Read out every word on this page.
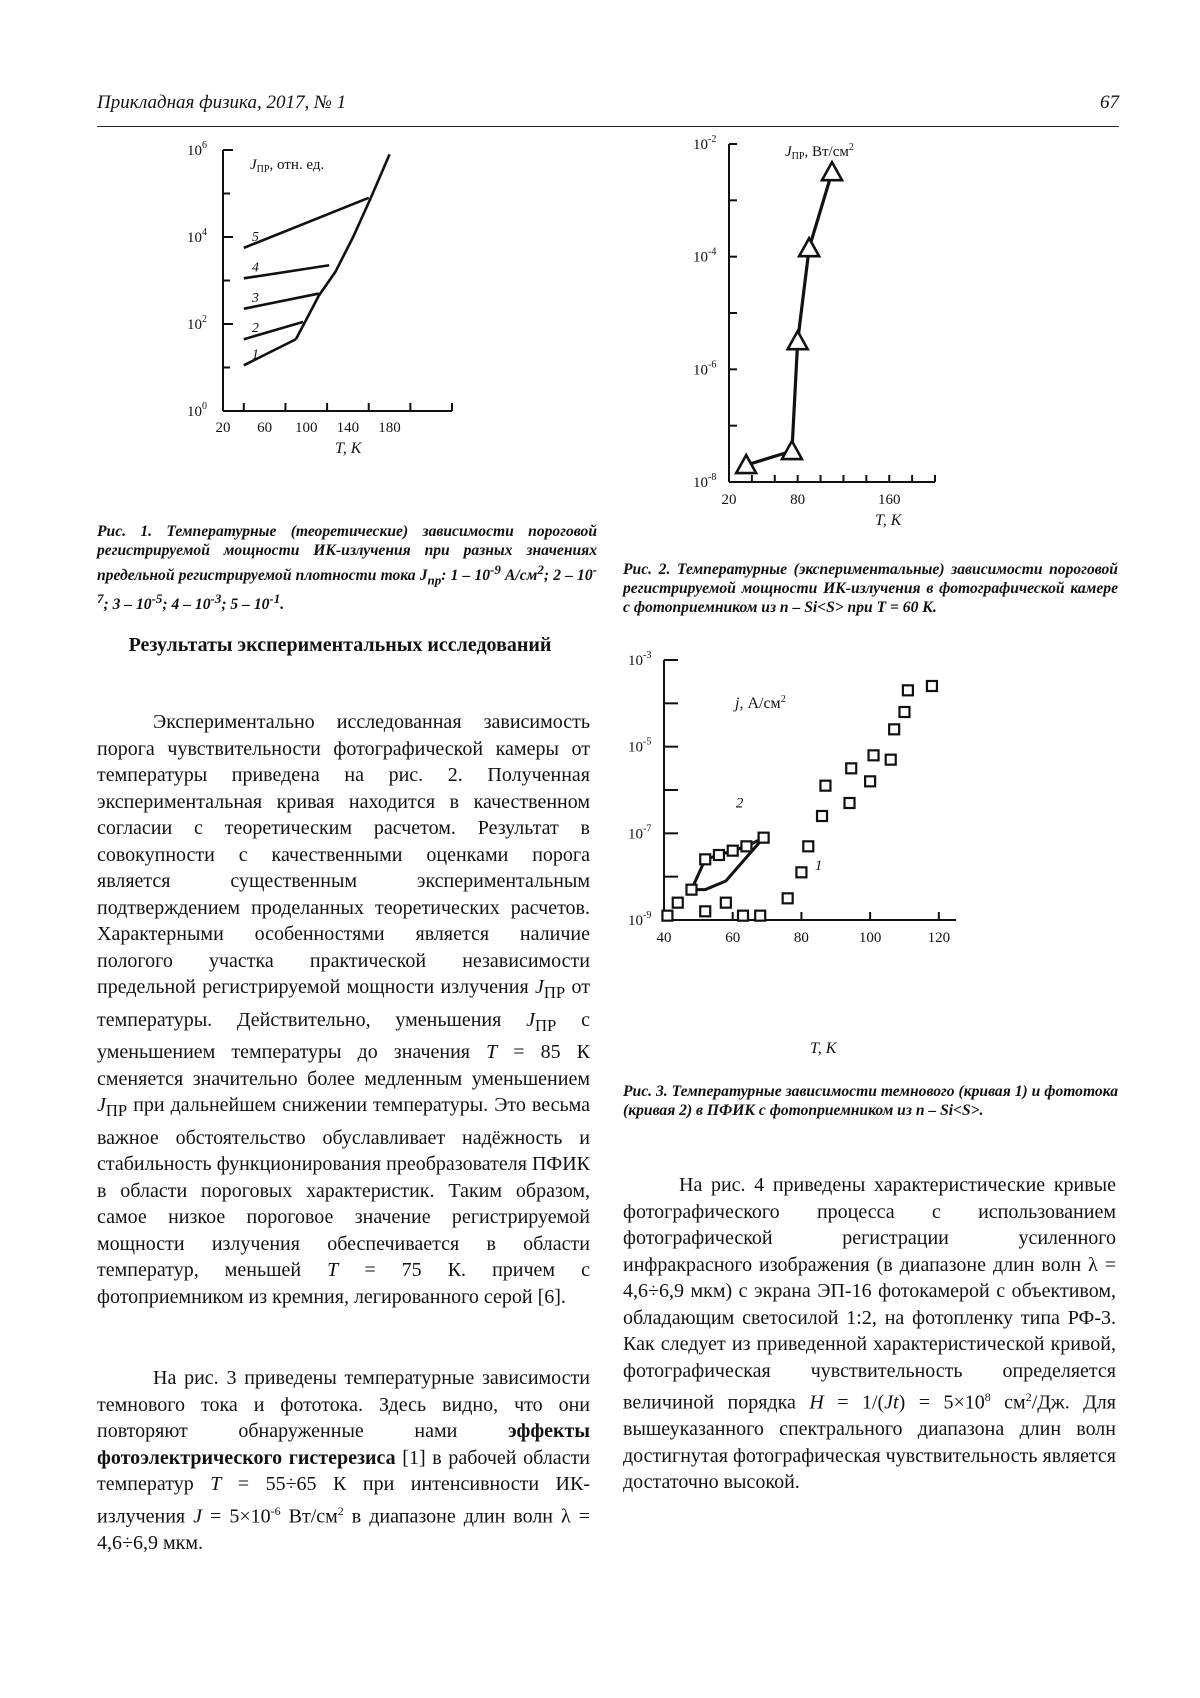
Прикладная физика, 2017, № 1	67
$J_{ПР}$, отн. ед.
T, К
$10^6$
$10^4$
$10^2$
$10^0$
20 60 100 140 180
1
2
3
4
5
$J_{ПР}$, $Вт/см^2$
T, К
$10^{-2}$
$10^{-4}$
$10^{-6}$
$10^{-8}$
20	80	160
j, $А/см^2$
T, К
$10^{-3}$
$10^{-5}$
$10^{-7}$
$10^{-9}$
40	60	80	100	120
2
1

Рис. 1. Температурные (теоретические) зависимости пороговой регистрируемой мощности ИК-излучения при разных значениях предельной регистрируемой плотности тока $J_{пр}$: $1 - 10^{-9}$ $А/см^2$; $2 - 10^{-7}$; $3 - 10^{-5}$; $4 - 10^{-3}$; $5 - 10^{-1}$.

Рис. 2. Температурные (экспериментальные) зависимости пороговой регистрируемой мощности ИК-излучения в фотографической камере с фотоприемником из n – Si<S> при T = 60 К.

Рис. 3. Температурные зависимости темнового (кривая 1) и фототока (кривая 2) в ПФИК с фотоприемником из n – Si<S>.

Результаты экспериментальных исследований

Экспериментально исследованная зависимость порога чувствительности фотографической камеры от температуры приведена на рис. 2. Полученная экспериментальная кривая находится в качественном согласии с теоретическим расчетом. Результат в совокупности с качественными оценками порога является существенным экспериментальным подтверждением проделанных теоретических расчетов. Характерными особенностями является наличие пологого участка практической независимости предельной регистрируемой мощности излучения $J_{ПР}$ от температуры. Действительно, уменьшения $J_{ПР}$ с уменьшением температуры до значения T = 85 К сменяется значительно более медленным уменьшением $J_{ПР}$ при дальнейшем снижении температуры. Это весьма важное обстоятельство обуславливает надёжность и стабильность функционирования преобразователя ПФИК в области пороговых характеристик. Таким образом, самое низкое пороговое значение регистрируемой мощности излучения обеспечивается в области температур, меньшей T = 75 К. причем с фотоприемником из кремния, легированного серой [6].

На рис. 3 приведены температурные зависимости темнового тока и фототока. Здесь видно, что они повторяют обнаруженные нами эффекты фотоэлектрического гистерезиса [1] в рабочей области температур T = 55÷65 К при интенсивности ИК-излучения $J = 5\times 10^{-6}$ $Вт/см^2$ в диапазоне длин волн λ = 4,6÷6,9 мкм.

На рис. 4 приведены характеристические кривые фотографического процесса с использованием фотографической регистрации усиленного инфракрасного изображения (в диапазоне длин волн λ = 4,6÷6,9 мкм) с экрана ЭП-16 фотокамерой с объективом, обладающим светосилой 1:2, на фотопленку типа РФ-3. Как следует из приведенной характеристической кривой, фотографическая чувствительность определяется величиной порядка $H = 1/(Jt) = 5\times 10^8$ $см^2/Дж$. Для вышеуказанного спектрального диапазона длин волн достигнутая фотографическая чувствительность является достаточно высокой.
